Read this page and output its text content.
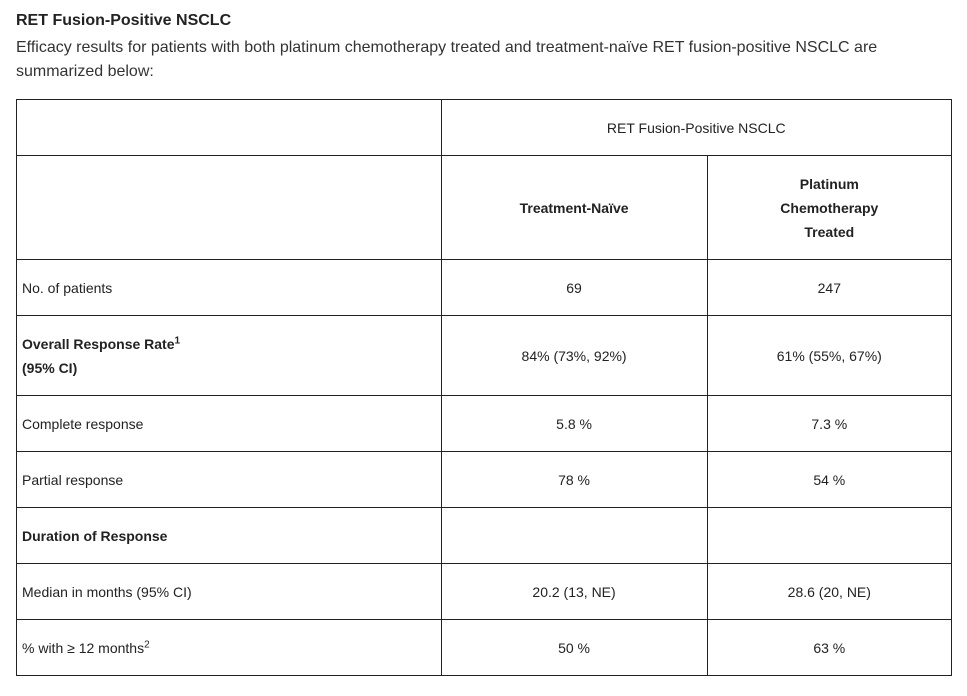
RET Fusion-Positive NSCLC
Efficacy results for patients with both platinum chemotherapy treated and treatment-naïve RET fusion-positive NSCLC are summarized below:
	RET Fusion-Positive NSCLC	
	Treatment-Naïve	Platinum
Chemotherapy
Treated

No. of patients	69	247

Overall Response Rate$^1$
(95% CI)	84% (73%, 92%)	61% (55%, 67%)
Complete response	5.8 %	7.3 %
Partial response	78 %	54 %
Duration of Response		
Median in months (95% CI)	20.2 (13, NE)	28.6 (20, NE)
% with ≥ 12 months$^2$	50 %	63 %
